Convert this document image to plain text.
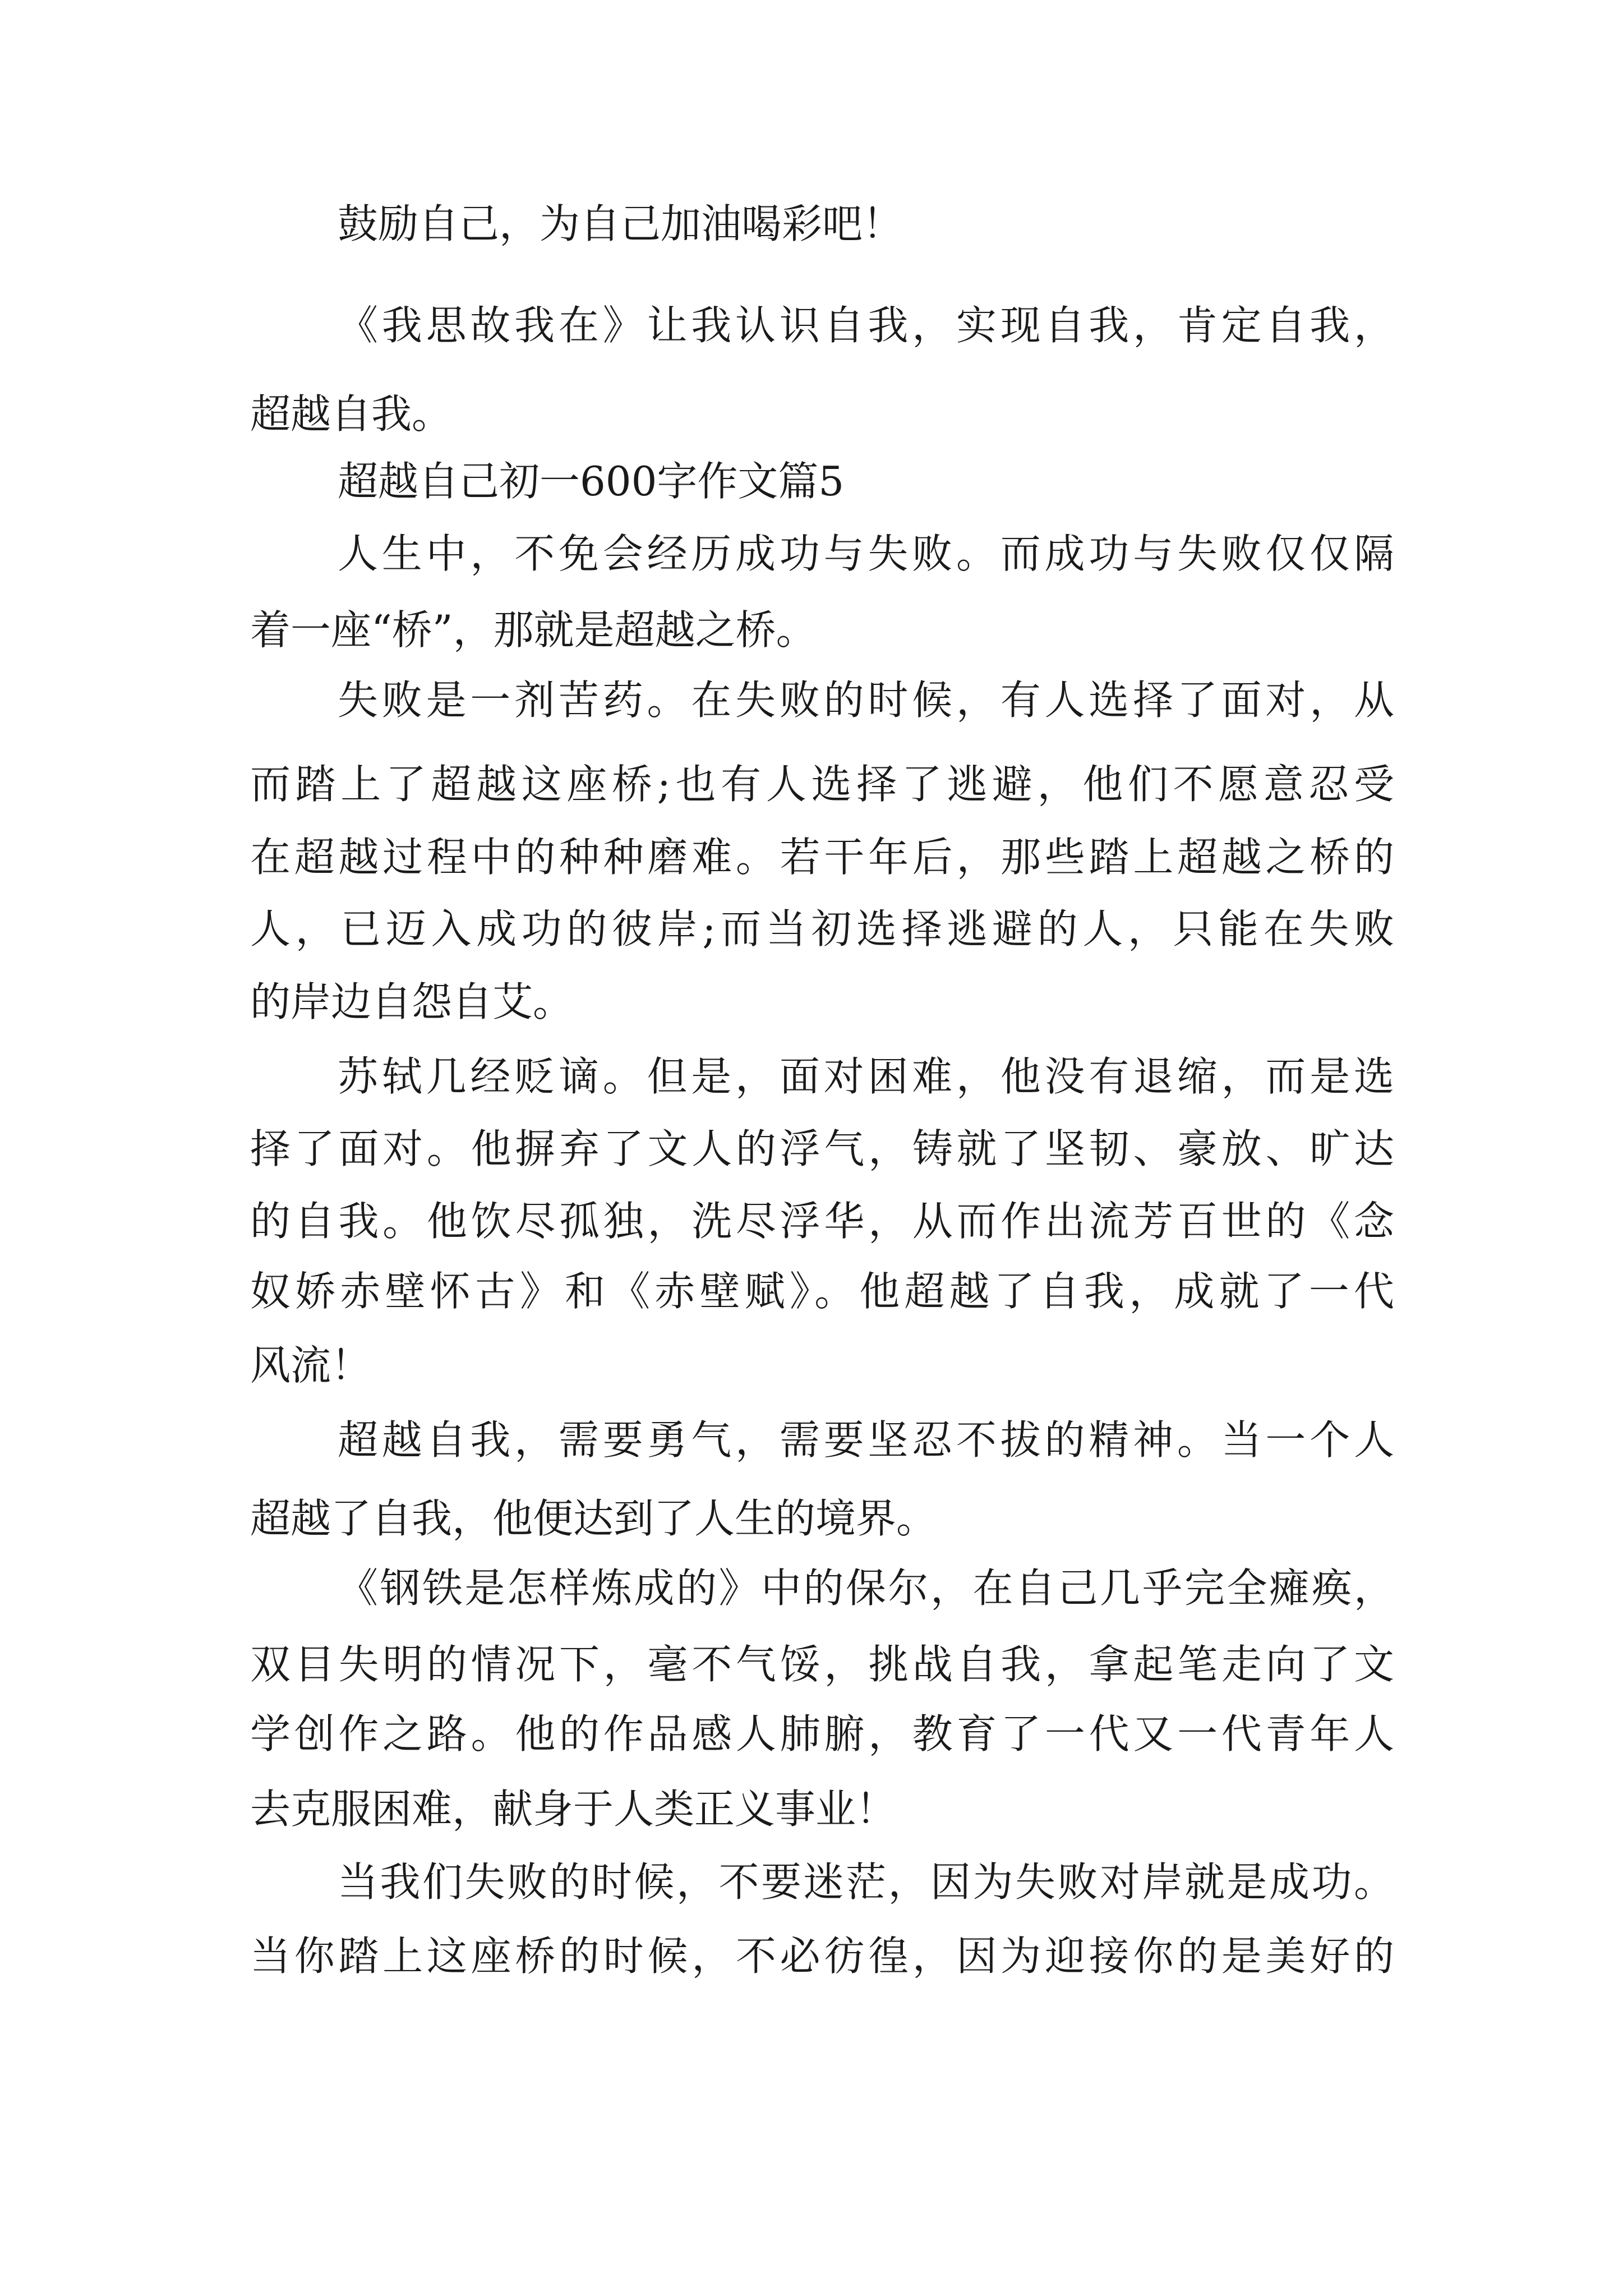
鼓励自己，为自己加油喝彩吧！
《我思故我在》让我认识自我，实现自我，肯定自我，
超越自我。
超越自己初一600字作文篇5
人生中，不免会经历成功与失败。而成功与失败仅仅隔
着一座“桥”，那就是超越之桥。
失败是一剂苦药。在失败的时候，有人选择了面对，从
而踏上了超越这座桥;也有人选择了逃避，他们不愿意忍受
在超越过程中的种种磨难。若干年后，那些踏上超越之桥的
人，已迈入成功的彼岸;而当初选择逃避的人，只能在失败
的岸边自怨自艾。
苏轼几经贬谪。但是，面对困难，他没有退缩，而是选
择了面对。他摒弃了文人的浮气，铸就了坚韧、豪放、旷达
的自我。他饮尽孤独，洗尽浮华，从而作出流芳百世的《念
奴娇赤壁怀古》和《赤壁赋》。他超越了自我，成就了一代
风流！
超越自我，需要勇气，需要坚忍不拔的精神。当一个人
超越了自我，他便达到了人生的境界。
《钢铁是怎样炼成的》中的保尔，在自己几乎完全瘫痪，
双目失明的情况下，毫不气馁，挑战自我，拿起笔走向了文
学创作之路。他的作品感人肺腑，教育了一代又一代青年人
去克服困难，献身于人类正义事业！
当我们失败的时候，不要迷茫，因为失败对岸就是成功。
当你踏上这座桥的时候，不必彷徨，因为迎接你的是美好的
